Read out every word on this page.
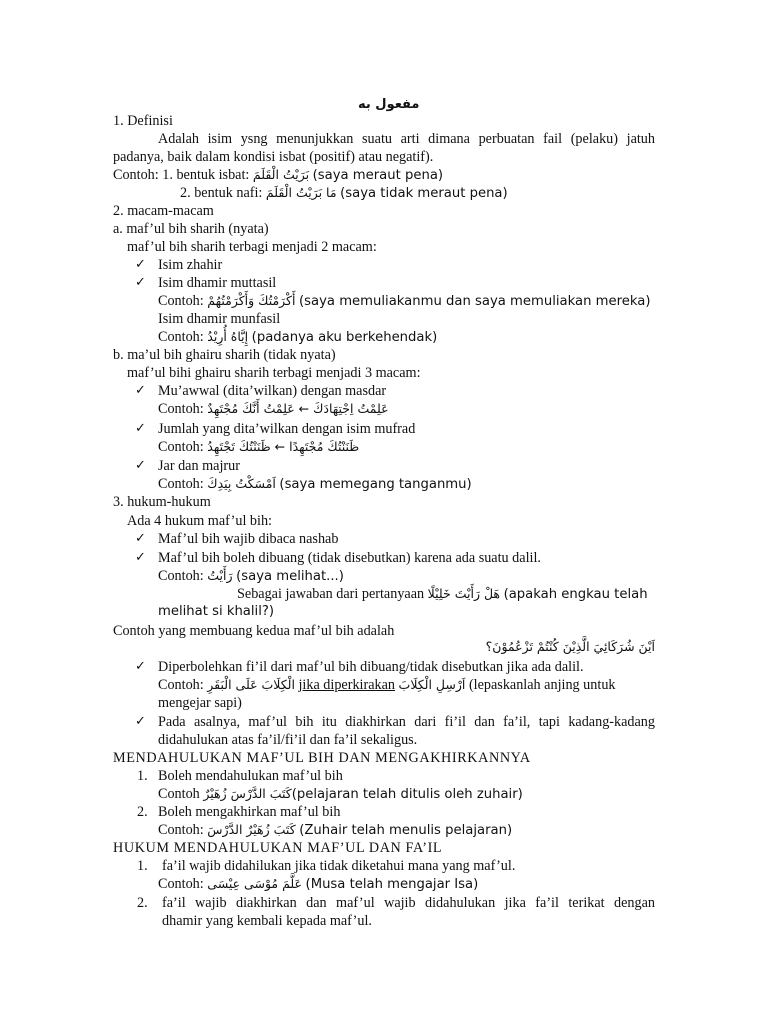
مفعول به
1. Definisi
Adalah isim ysng menunjukkan suatu arti dimana perbuatan fail (pelaku) jatuh
padanya, baik dalam kondisi isbat (positif) atau negatif).
Contoh: 1. bentuk isbat: بَرَيْتُ الْقَلَمَ (saya meraut pena)
2. bentuk nafi: مَا بَرَيْتُ الْقَلَمَ (saya tidak meraut pena)
2. macam-macam
a. maf’ul bih sharih (nyata)
maf’ul bih sharih terbagi menjadi 2 macam:
✓ Isim zhahir
✓ Isim dhamir muttasil
Contoh: أَكْرَمْتُكَ وَأَكْرَمْتُهُمْ (saya memuliakanmu dan saya memuliakan mereka)
Isim dhamir munfasil
Contoh: إِيَّاهُ أُرِيْدُ (padanya aku berkehendak)
b. ma’ul bih ghairu sharih (tidak nyata)
maf’ul bihi ghairu sharih terbagi menjadi 3 macam:
✓ Mu’awwal (dita’wilkan) dengan masdar
Contoh: عَلِمْتُ اِجْتِهَادَكَ ← عَلِمْتُ أَنَّكَ مُجْتَهِدٌ
✓ Jumlah yang dita’wilkan dengan isim mufrad
Contoh: ظَنَنْتُكَ مُجْتَهِدًا ← ظَنَنْتُكَ تَجْتَهِدُ
✓ Jar dan majrur
Contoh: اَمْسَكْتُ بِيَدِكَ (saya memegang tanganmu)
3. hukum-hukum
Ada 4 hukum maf’ul bih:
✓ Maf’ul bih wajib dibaca nashab
✓ Maf’ul bih boleh dibuang (tidak disebutkan) karena ada suatu dalil.
Contoh: رَأَيْتُ (saya melihat...)
Sebagai jawaban dari pertanyaan هَلْ رَأَيْتَ خَلِيْلًا (apakah engkau telah
melihat si khalil?)
Contoh yang membuang kedua maf’ul bih adalah
اَيْنَ شُرَكَائِيَ الَّذِيْنَ كُنْتُمْ تَزْعُمُوْنَ؟
✓ Diperbolehkan fi’il dari maf’ul bih dibuang/tidak disebutkan jika ada dalil.
Contoh: الْكِلَابَ عَلَى الْبَقَرِ jika diperkirakan اَرْسِلِ الْكِلَابَ (lepaskanlah anjing untuk
mengejar sapi)
✓ Pada asalnya, maf’ul bih itu diakhirkan dari fi’il dan fa’il, tapi kadang-kadang
didahulukan atas fa’il/fi’il dan fa’il sekaligus.
MENDAHULUKAN MAF’UL BIH DAN MENGAKHIRKANNYA
1. Boleh mendahulukan maf’ul bih
Contoh كَتَبَ الدَّرْسَ زُهَيْرٌ(pelajaran telah ditulis oleh zuhair)
2. Boleh mengakhirkan maf’ul bih
Contoh: كَتَبَ زُهَيْرٌ الدَّرْسَ (Zuhair telah menulis pelajaran)
HUKUM MENDAHULUKAN MAF’UL DAN FA’IL
1. fa’il wajib didahilukan jika tidak diketahui mana yang maf’ul.
Contoh: عَلَّمَ مُوْسَى عِيْسَى (Musa telah mengajar Isa)
2. fa’il wajib diakhirkan dan maf’ul wajib didahulukan jika fa’il terikat dengan
dhamir yang kembali kepada maf’ul.
